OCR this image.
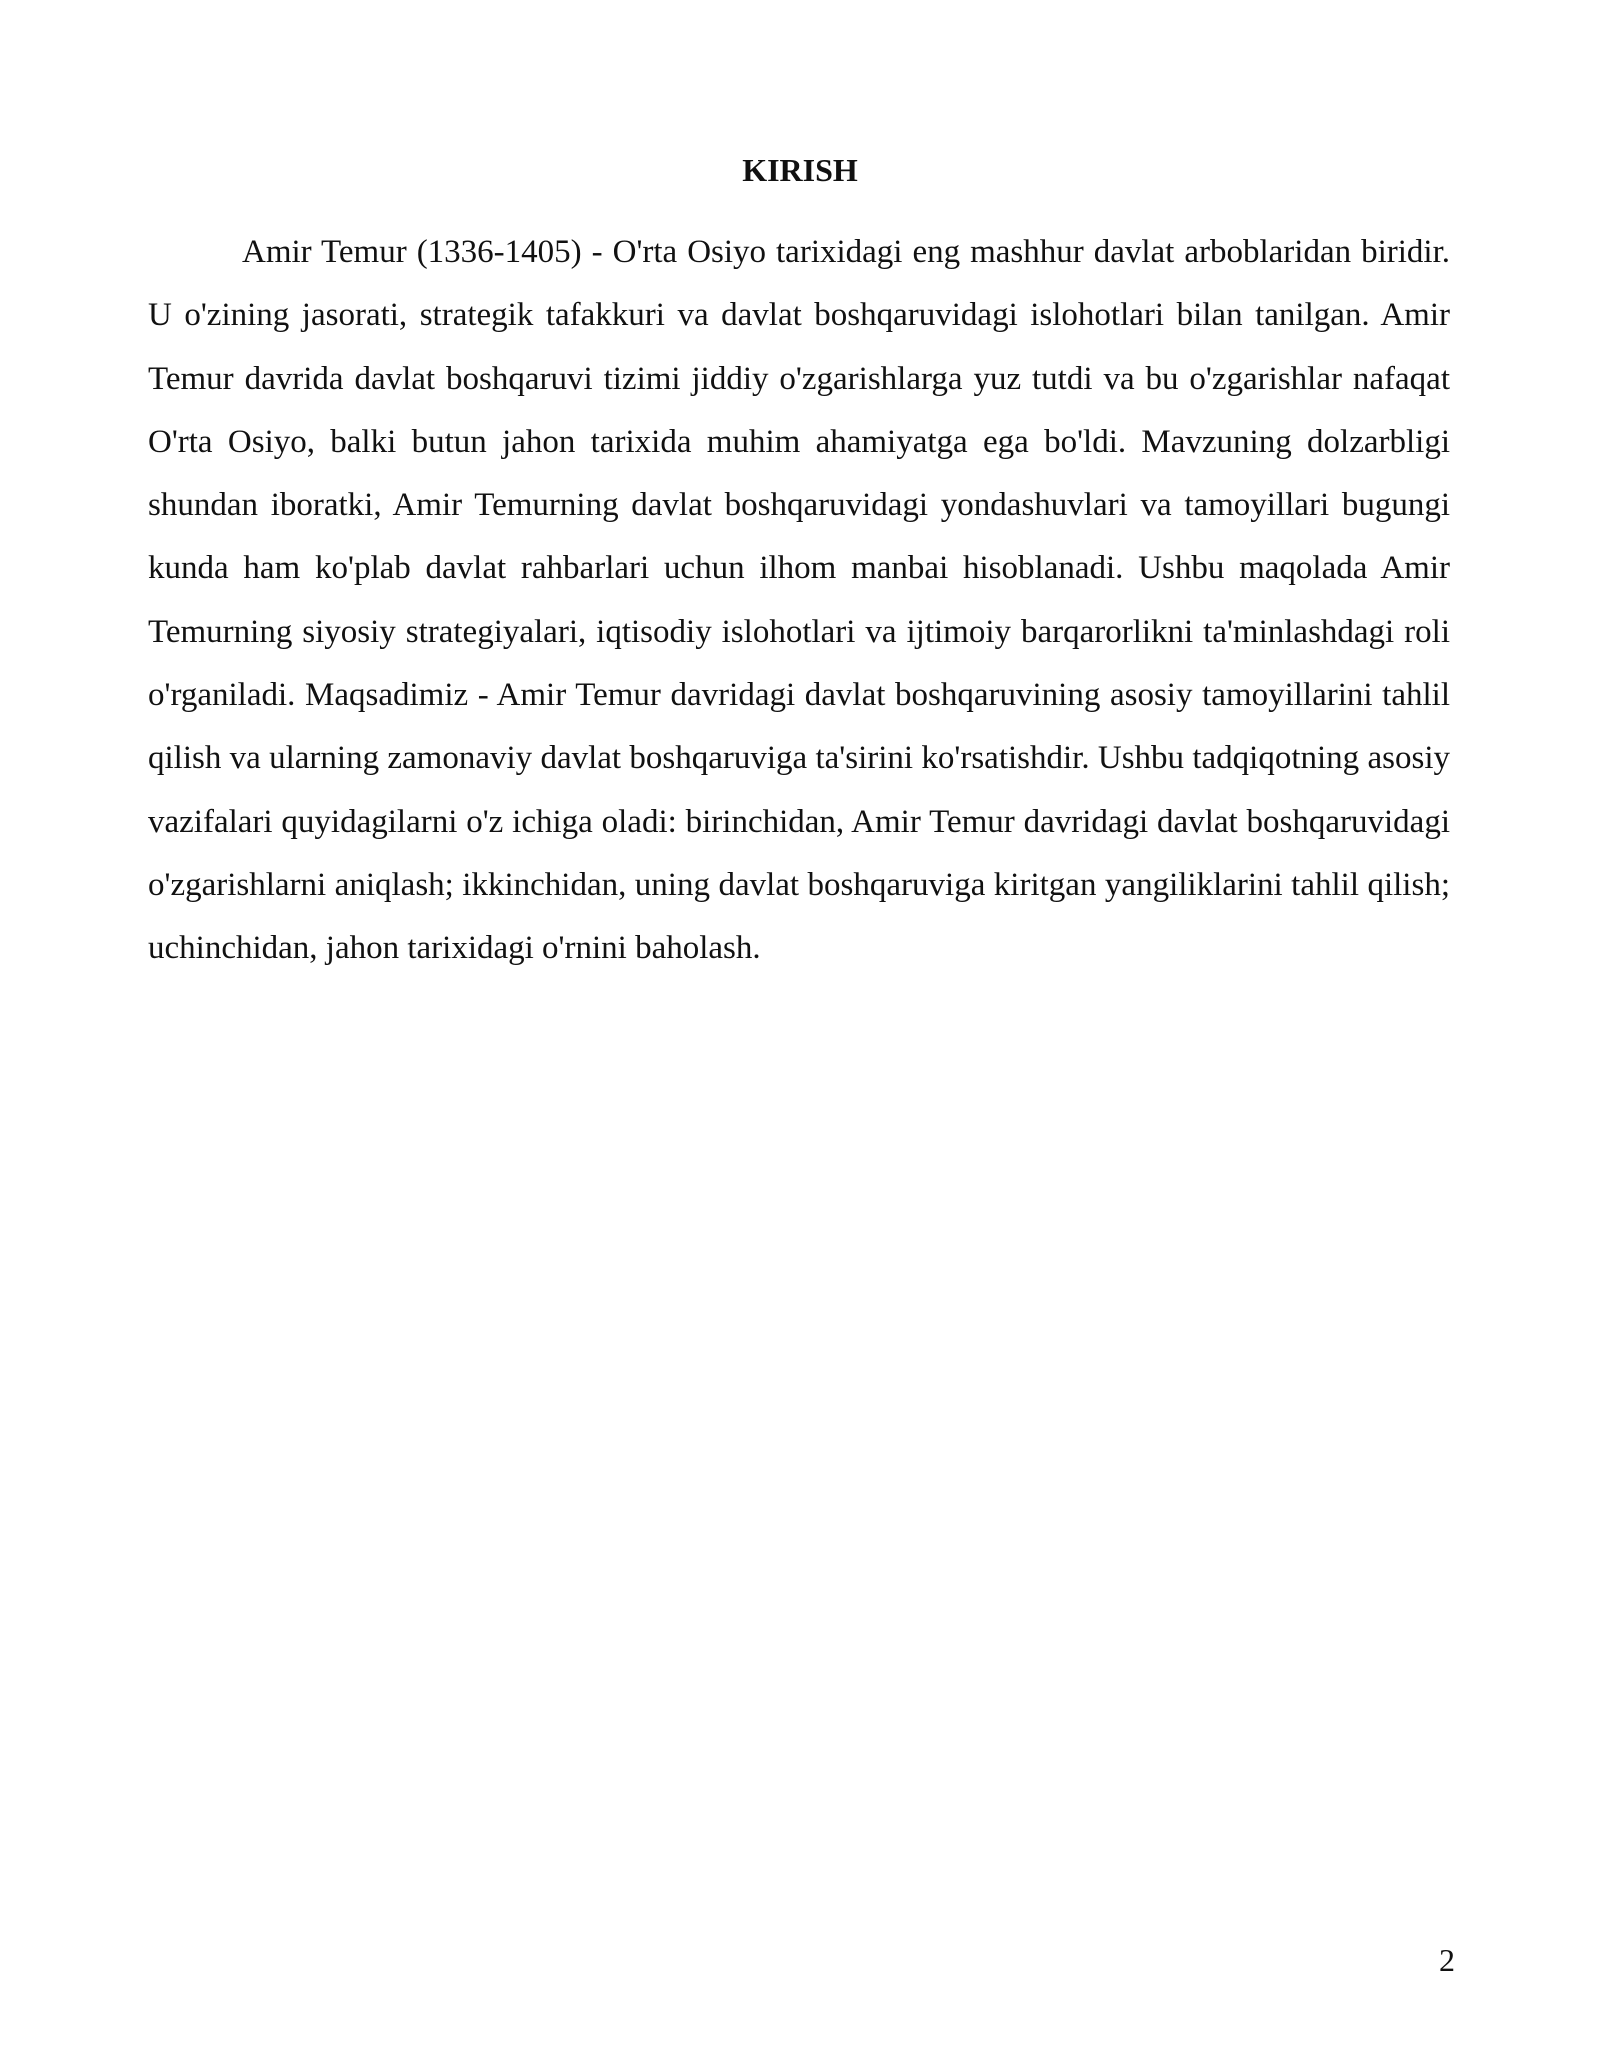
KIRISH

Amir Temur (1336-1405) - O'rta Osiyo tarixidagi eng mashhur davlat arboblaridan biridir. U o'zining jasorati, strategik tafakkuri va davlat boshqaruvidagi islohotlari bilan tanilgan. Amir Temur davrida davlat boshqaruvi tizimi jiddiy o'zgarishlarga yuz tutdi va bu o'zgarishlar nafaqat O'rta Osiyo, balki butun jahon tarixida muhim ahamiyatga ega bo'ldi. Mavzuning dolzarbligi shundan iboratki, Amir Temurning davlat boshqaruvidagi yondashuvlari va tamoyillari bugungi kunda ham ko'plab davlat rahbarlari uchun ilhom manbai hisoblanadi. Ushbu maqolada Amir Temurning siyosiy strategiyalari, iqtisodiy islohotlari va ijtimoiy barqarorlikni ta'minlashdagi roli o'rganiladi. Maqsadimiz - Amir Temur davridagi davlat boshqaruvining asosiy tamoyillarini tahlil qilish va ularning zamonaviy davlat boshqaruviga ta'sirini ko'rsatishdir. Ushbu tadqiqotning asosiy vazifalari quyidagilarni o'z ichiga oladi: birinchidan, Amir Temur davridagi davlat boshqaruvidagi o'zgarishlarni aniqlash; ikkinchidan, uning davlat boshqaruviga kiritgan yangiliklarini tahlil qilish; uchinchidan, jahon tarixidagi o'rnini baholash.

2
